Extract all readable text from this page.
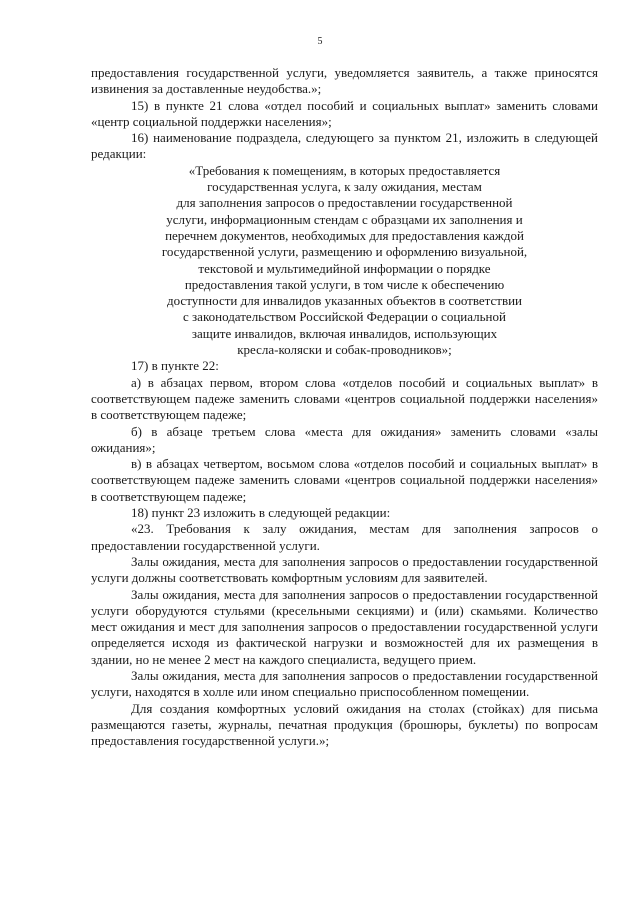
5

предоставления государственной услуги, уведомляется заявитель, а также приносятся извинения за доставленные неудобства.»;

15) в пункте 21 слова «отдел пособий и социальных выплат» заменить словами «центр социальной поддержки населения»;

16) наименование подраздела, следующего за пунктом 21, изложить в следующей редакции:

«Требования к помещениям, в которых предоставляется
государственная услуга, к залу ожидания, местам
для заполнения запросов о предоставлении государственной
услуги, информационным стендам с образцами их заполнения и
перечнем документов, необходимых для предоставления каждой
государственной услуги, размещению и оформлению визуальной,
текстовой и мультимедийной информации о порядке
предоставления такой услуги, в том числе к обеспечению
доступности для инвалидов указанных объектов в соответствии
с законодательством Российской Федерации о социальной
защите инвалидов, включая инвалидов, использующих
кресла-коляски и собак-проводников»;

17) в пункте 22:

а) в абзацах первом, втором слова «отделов пособий и социальных выплат» в соответствующем падеже заменить словами «центров социальной поддержки населения» в соответствующем падеже;

б) в абзаце третьем слова «места для ожидания» заменить словами «залы ожидания»;

в) в абзацах четвертом, восьмом слова «отделов пособий и социальных выплат» в соответствующем падеже заменить словами «центров социальной поддержки населения» в соответствующем падеже;

18) пункт 23 изложить в следующей редакции:

«23. Требования к залу ожидания, местам для заполнения запросов о предоставлении государственной услуги.

Залы ожидания, места для заполнения запросов о предоставлении государственной услуги должны соответствовать комфортным условиям для заявителей.

Залы ожидания, места для заполнения запросов о предоставлении государственной услуги оборудуются стульями (кресельными секциями) и (или) скамьями. Количество мест ожидания и мест для заполнения запросов о предоставлении государственной услуги определяется исходя из фактической нагрузки и возможностей для их размещения в здании, но не менее 2 мест на каждого специалиста, ведущего прием.

Залы ожидания, места для заполнения запросов о предоставлении государственной услуги, находятся в холле или ином специально приспособленном помещении.

Для создания комфортных условий ожидания на столах (стойках) для письма размещаются газеты, журналы, печатная продукция (брошюры, буклеты) по вопросам предоставления государственной услуги.»;
